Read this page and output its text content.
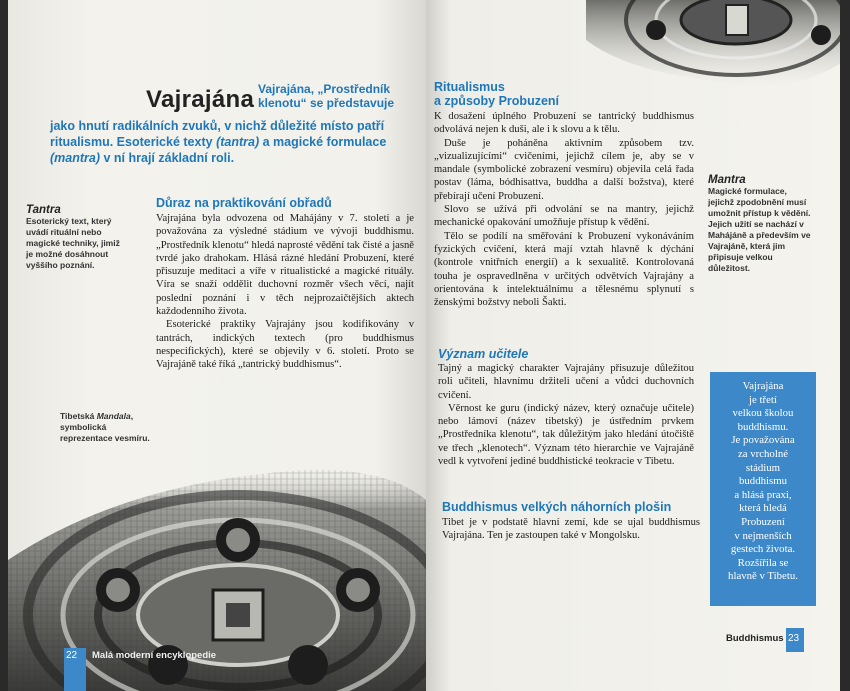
Vajrajána Vajrajána, „Prostředník klenotu“ se představuje
jako hnutí radikálních zvuků, v nichž důležité místo patří ritualismu. Esoterické texty (tantra) a magické formulace (mantra) v ní hrají základní roli.
Tantra
Esoterický text, který uvádí rituální nebo magické techniky, jimiž je možné dosáhnout vyššího poznání.
Důraz na praktikování obřadů

Vajrajána byla odvozena od Mahájány v 7. století a je považována za výsledné stádium ve vývoji buddhismu. „Prostředník klenotu“ hledá naprosté vědění tak čisté a jasně tvrdé jako drahokam. Hlásá rázné hledání Probuzení, které přisuzuje meditaci a víře v ritualistické a magické rituály. Víra se snaží oddělit duchovní rozměr všech věcí, najít poslední poznání i v těch nejprozaičtějších aktech každodenního života.

Esoterické praktiky Vajrajány jsou kodifikovány v tantrách, indických textech (pro buddhismus nespecifických), které se objevily v 6. století. Proto se Vajrajáně také říká „tantrický buddhismus“.

Tibetská Mandala, symbolická reprezentace vesmíru.
22 Malá moderní encyklopedie
Ritualismus
a způsoby Probuzení

K dosažení úplného Probuzení se tantrický buddhismus odvolává nejen k duši, ale i k slovu a k tělu.

Duše je poháněna aktivním způsobem tzv. „vizualizujícími“ cvičeními, jejichž cílem je, aby se v mandale (symbolické zobrazení vesmíru) objevila celá řada postav (láma, bódhisattva, buddha a další božstva), které přebírají učení Probuzení.

Slovo se užívá při odvolání se na mantry, jejichž mechanické opakování umožňuje přístup k vědění.

Tělo se podílí na směřování k Probuzení vykonáváním fyzických cvičení, která mají vztah hlavně k dýchání (kontrole vnitřních energií) a k sexualitě. Kontrolovaná touha je ospravedlněna v určitých odvětvích Vajrajány a orientována k intelektuálnímu a tělesnému splynutí s ženskými božstvy neboli Šakti.

Význam učitele

Tajný a magický charakter Vajrajány přisuzuje důležitou roli učiteli, hlavnímu držiteli učení a vůdci duchovních cvičení.

Věrnost ke guru (indický název, který označuje učitele) nebo lámoví (název tibetský) je ústředním prvkem „Prostředníka klenotu“, tak důležitým jako hledání útočiště ve třech „klenotech“. Význam této hierarchie ve Vajrajáně vedl k vytvoření jediné buddhistické teokracie v Tibetu.

Buddhismus velkých náhorních plošin

Tibet je v podstatě hlavní zemí, kde se ujal buddhismus Vajrajána. Ten je zastoupen také v Mongolsku.

Mantra
Magické formulace, jejichž zpodobnění musí umožnit přístup k vědění. Jejich užití se nachází v Mahájáně a především ve Vajrajáně, která jim připisuje velkou důležitost.
Vajrajána
je třetí
velkou školou
buddhismu.
Je považována
za vrcholné
stádium
buddhismu
a hlásá praxi,
která hledá
Probuzení
v nejmenších
gestech života.
Rozšířila se
hlavně v Tibetu.
Buddhismus 23
